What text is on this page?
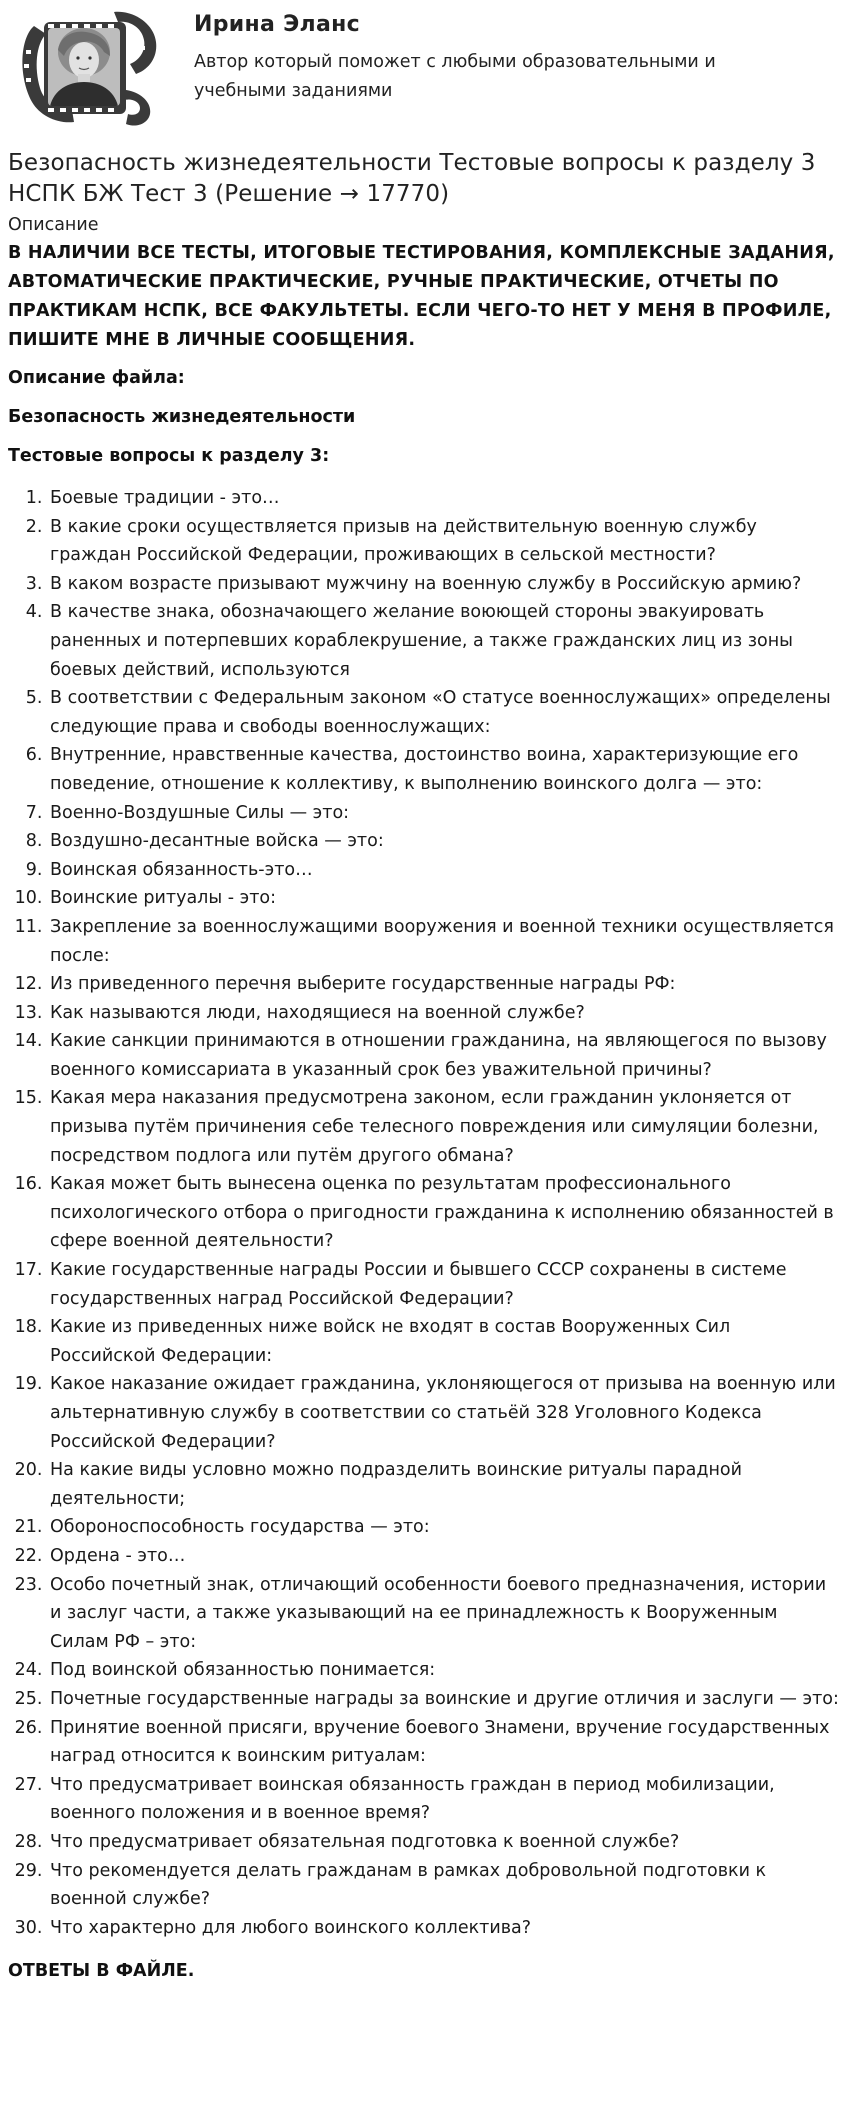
Ирина Эланс
Автор который поможет с любыми образовательными и учебными заданиями
Безопасность жизнедеятельности Тестовые вопросы к разделу 3 НСПК БЖ Тест 3 (Решение → 17770)
Описание
В НАЛИЧИИ ВСЕ ТЕСТЫ, ИТОГОВЫЕ ТЕСТИРОВАНИЯ, КОМПЛЕКСНЫЕ ЗАДАНИЯ, АВТОМАТИЧЕСКИЕ ПРАКТИЧЕСКИЕ, РУЧНЫЕ ПРАКТИЧЕСКИЕ, ОТЧЕТЫ ПО ПРАКТИКАМ НСПК, ВСЕ ФАКУЛЬТЕТЫ. ЕСЛИ ЧЕГО-ТО НЕТ У МЕНЯ В ПРОФИЛЕ, ПИШИТЕ МНЕ В ЛИЧНЫЕ СООБЩЕНИЯ.
Описание файла:
Безопасность жизнедеятельности
Тестовые вопросы к разделу 3:
1. Боевые традиции - это…
2. В какие сроки осуществляется призыв на действительную военную службу граждан Российской Федерации, проживающих в сельской местности?
3. В каком возрасте призывают мужчину на военную службу в Российскую армию?
4. В качестве знака, обозначающего желание воюющей стороны эвакуировать раненных и потерпевших кораблекрушение, а также гражданских лиц из зоны боевых действий, используются
5. В соответствии с Федеральным законом «О статусе военнослужащих» определены следующие права и свободы военнослужащих:
6. Внутренние, нравственные качества, достоинство воина, характеризующие его поведение, отношение к коллективу, к выполнению воинского долга — это:
7. Военно-Воздушные Силы — это:
8. Воздушно-десантные войска — это:
9. Воинская обязанность-это…
10. Воинские ритуалы - это:
11. Закрепление за военнослужащими вооружения и военной техники осуществляется после:
12. Из приведенного перечня выберите государственные награды РФ:
13. Как называются люди, находящиеся на военной службе?
14. Какие санкции принимаются в отношении гражданина, на являющегося по вызову военного комиссариата в указанный срок без уважительной причины?
15. Какая мера наказания предусмотрена законом, если гражданин уклоняется от призыва путём причинения себе телесного повреждения или симуляции болезни, посредством подлога или путём другого обмана?
16. Какая может быть вынесена оценка по результатам профессионального психологического отбора о пригодности гражданина к исполнению обязанностей в сфере военной деятельности?
17. Какие государственные награды России и бывшего СССР сохранены в системе государственных наград Российской Федерации?
18. Какие из приведенных ниже войск не входят в состав Вооруженных Сил Российской Федерации:
19. Какое наказание ожидает гражданина, уклоняющегося от призыва на военную или альтернативную службу в соответствии со статьёй 328 Уголовного Кодекса Российской Федерации?
20. На какие виды условно можно подразделить воинские ритуалы парадной деятельности;
21. Обороноспособность государства — это:
22. Ордена - это…
23. Особо почетный знак, отличающий особенности боевого предназначения, истории и заслуг части, а также указывающий на ее принадлежность к Вооруженным Силам РФ – это:
24. Под воинской обязанностью понимается:
25. Почетные государственные награды за воинские и другие отличия и заслуги — это:
26. Принятие военной присяги, вручение боевого Знамени, вручение государственных наград относится к воинским ритуалам:
27. Что предусматривает воинская обязанность граждан в период мобилизации, военного положения и в военное время?
28. Что предусматривает обязательная подготовка к военной службе?
29. Что рекомендуется делать гражданам в рамках добровольной подготовки к военной службе?
30. Что характерно для любого воинского коллектива?
ОТВЕТЫ В ФАЙЛЕ.
